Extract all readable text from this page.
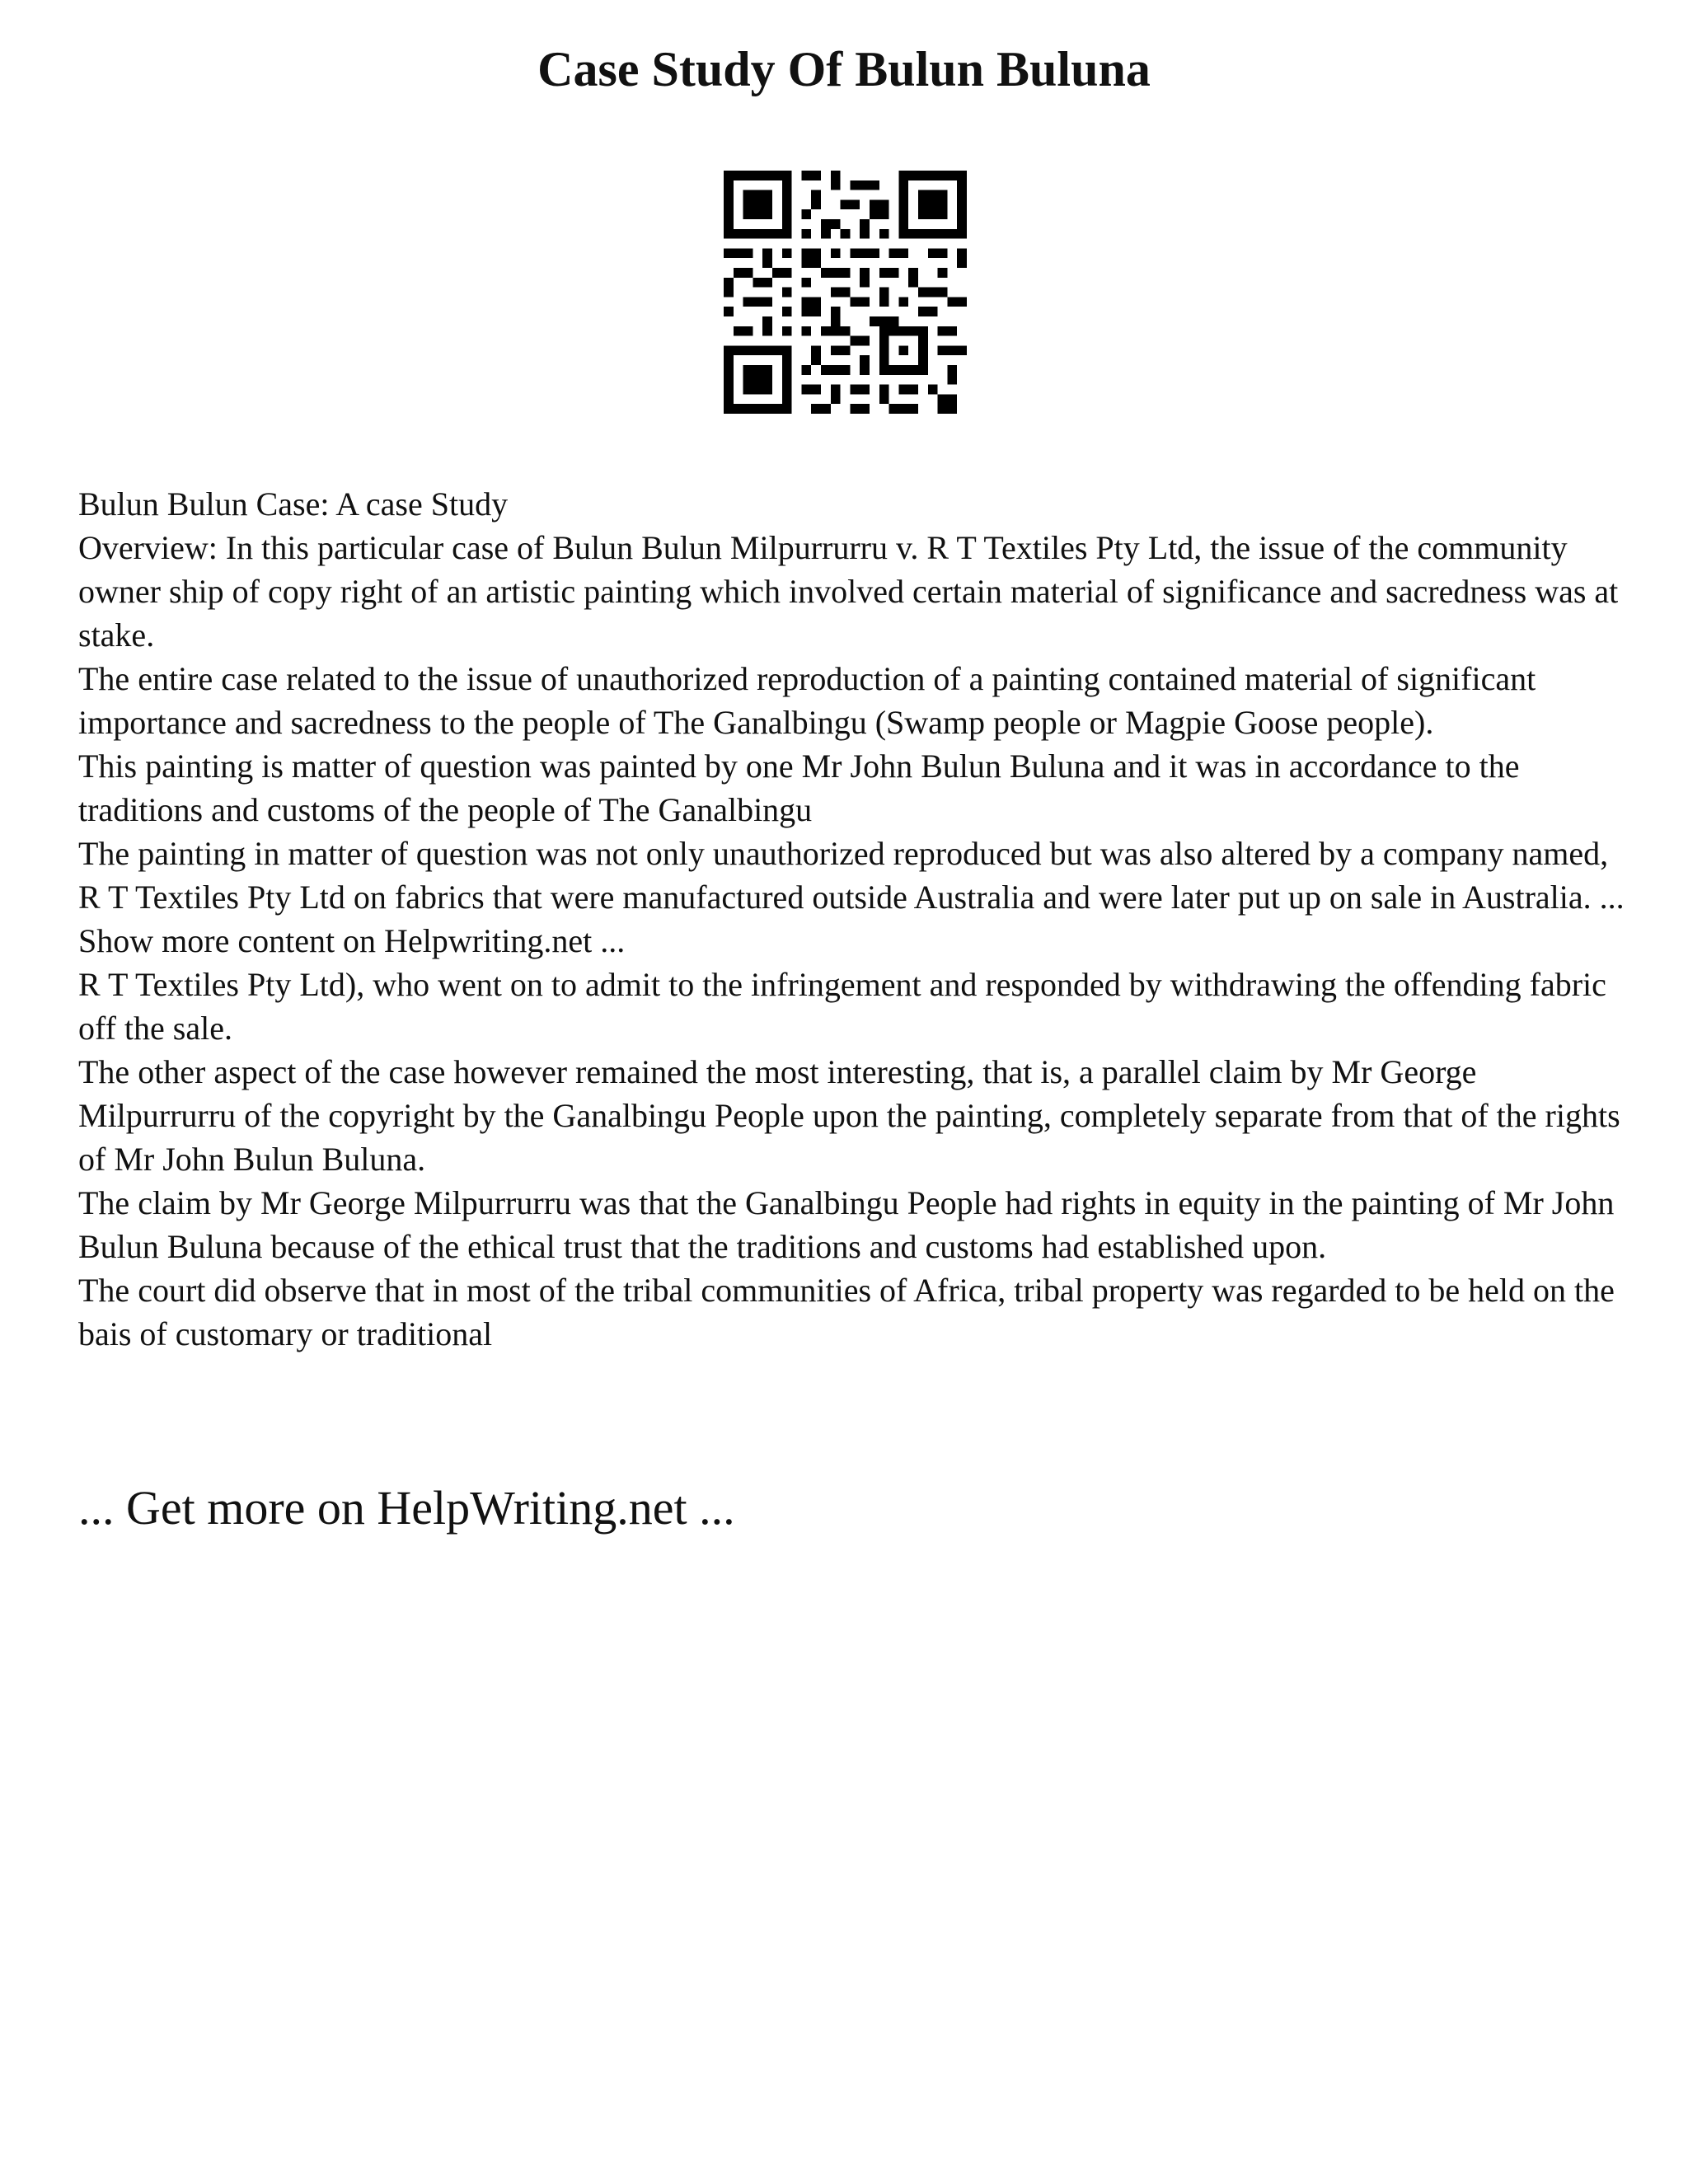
Case Study Of Bulun Buluna

Bulun Bulun Case: A case Study

Overview: In this particular case of Bulun Bulun Milpurrurru v. R T Textiles Pty Ltd, the issue of the community owner ship of copy right of an artistic painting which involved certain material of significance and sacredness was at stake.

The entire case related to the issue of unauthorized reproduction of a painting contained material of significant importance and sacredness to the people of The Ganalbingu (Swamp people or Magpie Goose people).

This painting is matter of question was painted by one Mr John Bulun Buluna and it was in accordance to the traditions and customs of the people of The Ganalbingu

The painting in matter of question was not only unauthorized reproduced but was also altered by a company named, R T Textiles Pty Ltd on fabrics that were manufactured outside Australia and were later put up on sale in Australia. ... Show more content on Helpwriting.net ...

R T Textiles Pty Ltd), who went on to admit to the infringement and responded by withdrawing the offending fabric off the sale.

The other aspect of the case however remained the most interesting, that is, a parallel claim by Mr George Milpurrurru of the copyright by the Ganalbingu People upon the painting, completely separate from that of the rights of Mr John Bulun Buluna.

The claim by Mr George Milpurrurru was that the Ganalbingu People had rights in equity in the painting of Mr John Bulun Buluna because of the ethical trust that the traditions and customs had established upon.

The court did observe that in most of the tribal communities of Africa, tribal property was regarded to be held on the bais of customary or traditional

... Get more on HelpWriting.net ...
